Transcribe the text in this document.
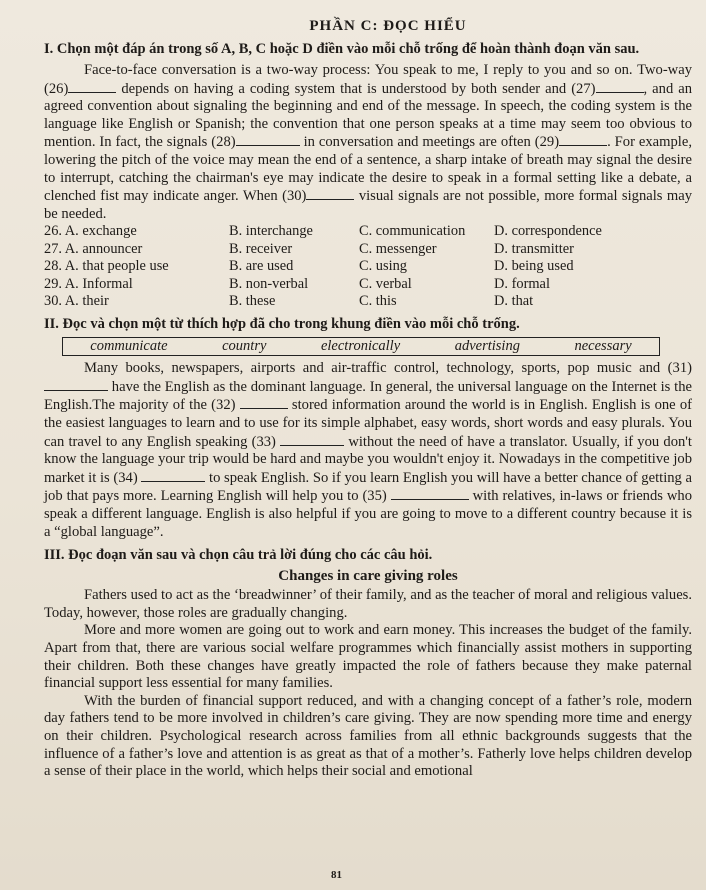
PHẦN C: ĐỌC HIỂU
I. Chọn một đáp án trong số A, B, C hoặc D điền vào mỗi chỗ trống để hoàn thành đoạn văn sau.

Face-to-face conversation is a two-way process: You speak to me, I reply to you and so on. Two-way (26)	depends on having a coding system that is understood by both sender and (27)	, and an agreed convention about signaling the beginning and end of the message. In speech, the coding system is the language like English or Spanish; the convention that one person speaks at a time may seem too obvious to mention. In fact, the signals (28)	in conversation and meetings are often (29)	. For example, lowering the pitch of the voice may mean the end of a sentence, a sharp intake of breath may signal the desire to interrupt, catching the chairman's eye may indicate the desire to speak in a formal setting like a debate, a clenched fist may indicate anger. When (30)	visual signals are not possible, more formal signals may be needed.

26. A. exchange	B. interchange	C. communication	D. correspondence
27. A. announcer	B. receiver	C. messenger	D. transmitter
28. A. that people use	B. are used	C. using	D. being used
29. A. Informal	B. non-verbal	C. verbal	D. formal
30. A. their	B. these	C. this	D. that
II. Đọc và chọn một từ thích hợp đã cho trong khung điền vào mỗi chỗ trống.
communicate	country	electronically	advertising	necessary

Many books, newspapers, airports and air-traffic control, technology, sports, pop music and (31)  have the English as the dominant language. In general, the universal language on the Internet is the English.The majority of the (32)	stored information around the world is in English. English is one of the easiest languages to learn and to use for its simple alphabet, easy words, short words and easy plurals. You can travel to any English speaking (33)	without the need of have a translator. Usually, if you don't know the language your trip would be hard and maybe you wouldn't enjoy it. Nowadays in the competitive job market it is (34)	to speak English. So if you learn English you will have a better chance of getting a job that pays more. Learning English will help you to (35)	with relatives, in-laws or friends who speak a different language. English is also helpful if you are going to move to a different country because it is a “global language”.

III. Đọc đoạn văn sau và chọn câu trả lời đúng cho các câu hỏi.
Changes in care giving roles

Fathers used to act as the ‘breadwinner’ of their family, and as the teacher of moral and religious values. Today, however, those roles are gradually changing.

More and more women are going out to work and earn money. This increases the budget of the family. Apart from that, there are various social welfare programmes which financially assist mothers in supporting their children. Both these changes have greatly impacted the role of fathers because they make paternal financial support less essential for many families.

With the burden of financial support reduced, and with a changing concept of a father’s role, modern day fathers tend to be more involved in children’s care giving. They are now spending more time and energy on their children. Psychological research across families from all ethnic backgrounds suggests that the influence of a father’s love and attention is as great as that of a mother’s. Fatherly love helps children develop a sense of their place in the world, which helps their social and emotional

81
